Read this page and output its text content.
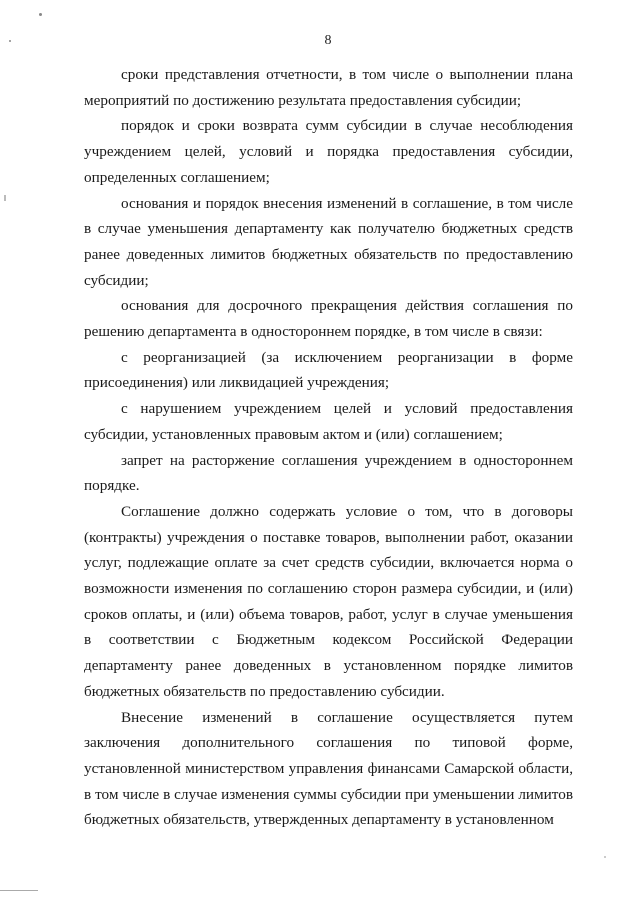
8

сроки представления отчетности, в том числе о выполнении плана мероприятий по достижению результата предоставления субсидии;

порядок и сроки возврата сумм субсидии в случае несоблюдения учреждением целей, условий и порядка предоставления субсидии, определенных соглашением;

основания и порядок внесения изменений в соглашение, в том числе в случае уменьшения департаменту как получателю бюджетных средств ранее доведенных лимитов бюджетных обязательств по предоставлению субсидии;

основания для досрочного прекращения действия соглашения по решению департамента в одностороннем порядке, в том числе в связи:

с реорганизацией (за исключением реорганизации в форме присоединения) или ликвидацией учреждения;

с нарушением учреждением целей и условий предоставления субсидии, установленных правовым актом и (или) соглашением;

запрет на расторжение соглашения учреждением в одностороннем порядке.

Соглашение должно содержать условие о том, что в договоры (контракты) учреждения о поставке товаров, выполнении работ, оказании услуг, подлежащие оплате за счет средств субсидии, включается норма о возможности изменения по соглашению сторон размера субсидии, и (или) сроков оплаты, и (или) объема товаров, работ, услуг в случае уменьшения в соответствии с Бюджетным кодексом Российской Федерации департаменту ранее доведенных в установленном порядке лимитов бюджетных обязательств по предоставлению субсидии.

Внесение изменений в соглашение осуществляется путем заключения дополнительного соглашения по типовой форме, установленной министерством управления финансами Самарской области, в том числе в случае изменения суммы субсидии при уменьшении лимитов бюджетных обязательств, утвержденных департаменту в установленном
